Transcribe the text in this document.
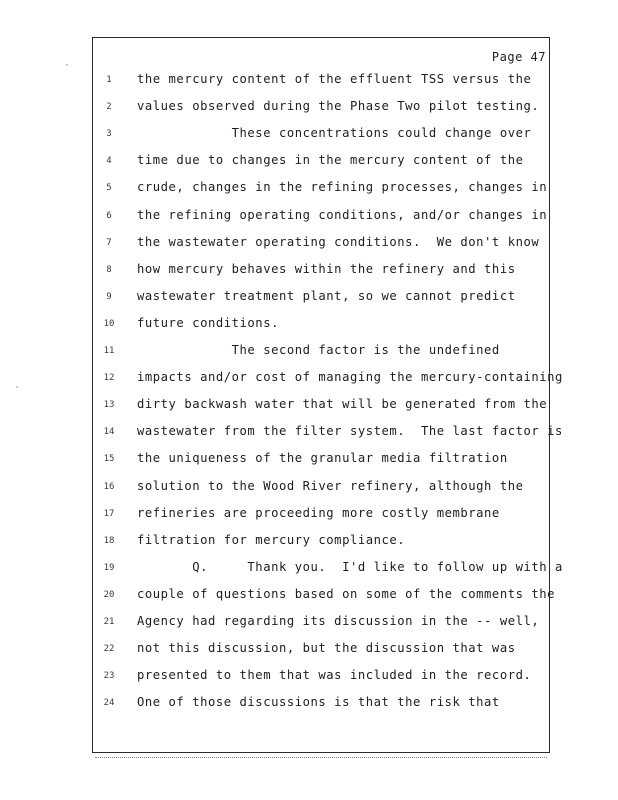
Page 47
1	the mercury content of the effluent TSS versus the
2	values observed during the Phase Two pilot testing.
3	These concentrations could change over
4	time due to changes in the mercury content of the
5	crude, changes in the refining processes, changes in
6	the refining operating conditions, and/or changes in
7	the wastewater operating conditions.  We don't know
8	how mercury behaves within the refinery and this
9	wastewater treatment plant, so we cannot predict
10	future conditions.
11	The second factor is the undefined
12	impacts and/or cost of managing the mercury-containing
13	dirty backwash water that will be generated from the
14	wastewater from the filter system.  The last factor is
15	the uniqueness of the granular media filtration
16	solution to the Wood River refinery, although the
17	refineries are proceeding more costly membrane
18	filtration for mercury compliance.
19	Q.     Thank you.  I'd like to follow up with a
20	couple of questions based on some of the comments the
21	Agency had regarding its discussion in the -- well,
22	not this discussion, but the discussion that was
23	presented to them that was included in the record.
24	One of those discussions is that the risk that
·
·
